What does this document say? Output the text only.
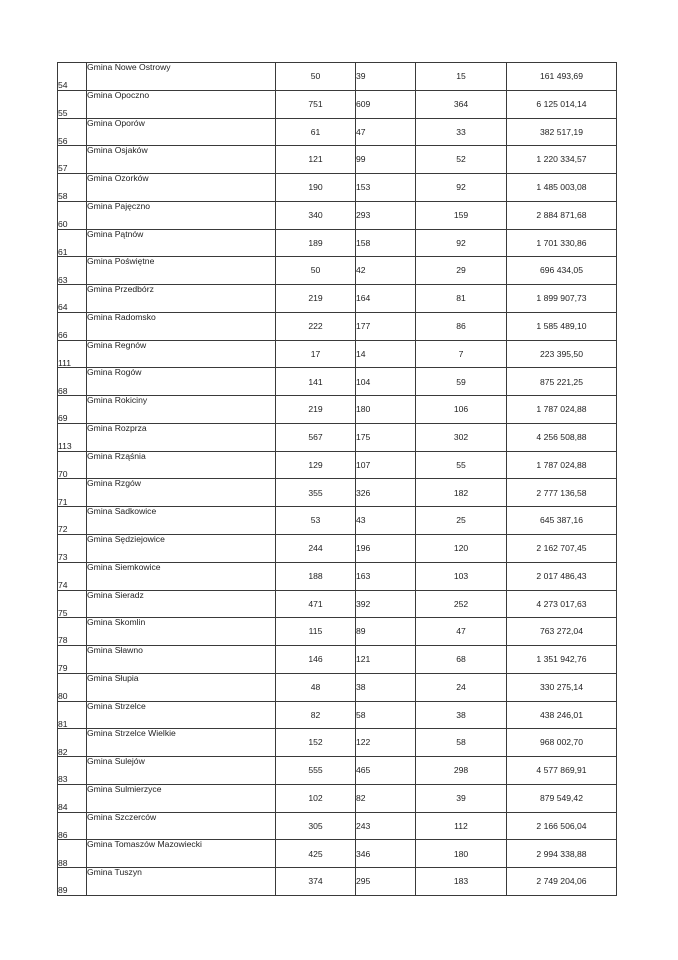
54	Gmina Nowe Ostrowy	50	39	15	161 493,69
55	Gmina Opoczno	751	609	364	6 125 014,14
56	Gmina Oporów	61	47	33	382 517,19
57	Gmina Osjaków	121	99	52	1 220 334,57
58	Gmina Ozorków	190	153	92	1 485 003,08
60	Gmina Pajęczno	340	293	159	2 884 871,68
61	Gmina Pątnów	189	158	92	1 701 330,86
63	Gmina Poświętne	50	42	29	696 434,05
64	Gmina Przedbórz	219	164	81	1 899 907,73
66	Gmina Radomsko	222	177	86	1 585 489,10
111	Gmina Regnów	17	14	7	223 395,50
68	Gmina Rogów	141	104	59	875 221,25
69	Gmina Rokiciny	219	180	106	1 787 024,88
113	Gmina Rozprza	567	175	302	4 256 508,88
70	Gmina Rząśnia	129	107	55	1 787 024,88
71	Gmina Rzgów	355	326	182	2 777 136,58
72	Gmina Sadkowice	53	43	25	645 387,16
73	Gmina Sędziejowice	244	196	120	2 162 707,45
74	Gmina Siemkowice	188	163	103	2 017 486,43
75	Gmina Sieradz	471	392	252	4 273 017,63
78	Gmina Skomlin	115	89	47	763 272,04
79	Gmina Sławno	146	121	68	1 351 942,76
80	Gmina Słupia	48	38	24	330 275,14
81	Gmina Strzelce	82	58	38	438 246,01
82	Gmina Strzelce Wielkie	152	122	58	968 002,70
83	Gmina Sulejów	555	465	298	4 577 869,91
84	Gmina Sulmierzyce	102	82	39	879 549,42
86	Gmina Szczerców	305	243	112	2 166 506,04
88	Gmina Tomaszów Mazowiecki	425	346	180	2 994 338,88
89	Gmina Tuszyn	374	295	183	2 749 204,06
